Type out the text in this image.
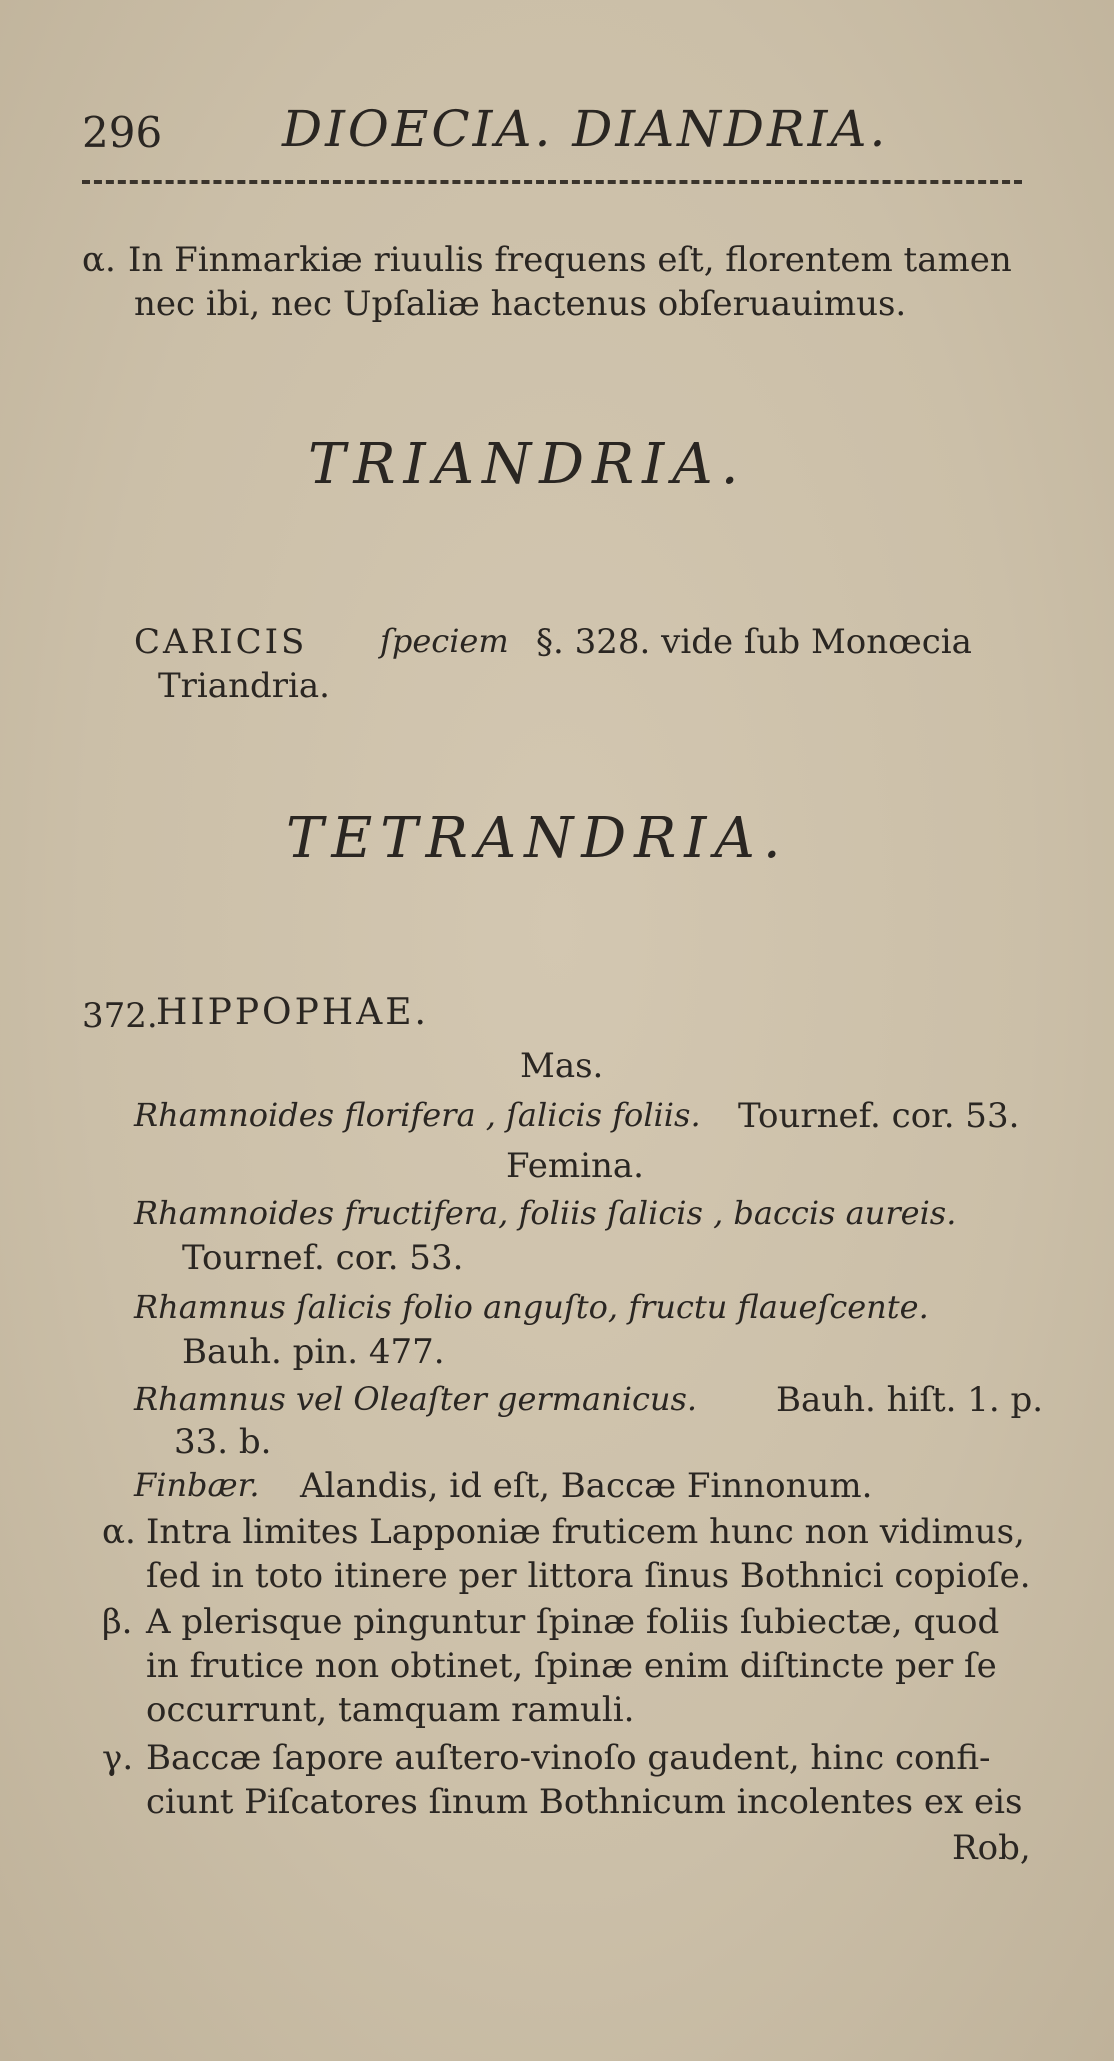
296 DIOECIA. DIANDRIA.
α. In Finmarkiæ riuulis frequens eſt, florentem tamen
nec ibi, nec Upſaliæ hactenus obſeruauimus.
TRIANDRIA.
CARICIS ſpeciem §. 328. vide ſub Monœcia
Triandria.
TETRANDRIA.
372.
HIPPOPHAE.
Mas.
Rhamnoides florifera , ſalicis foliis. Tournef. cor. 53.
Femina.
Rhamnoides fructifera, foliis ſalicis , baccis aureis.
Tournef. cor. 53.
Rhamnus ſalicis folio anguſto, fructu flaueſcente.
Bauh. pin. 477.
Rhamnus vel Oleaſter germanicus. Bauh. hiſt. 1. p.
33. b.
Finbær. Alandis, id eſt, Baccæ Finnonum.
α. Intra limites Lapponiæ fruticem hunc non vidimus,
ſed in toto itinere per littora ſinus Bothnici copioſe.
β. A plerisque pinguntur ſpinæ foliis ſubiectæ, quod
in frutice non obtinet, ſpinæ enim diſtincte per ſe
occurrunt, tamquam ramuli.
γ. Baccæ ſapore auſtero-vinoſo gaudent, hinc confi-
ciunt Piſcatores ſinum Bothnicum incolentes ex eis
Rob,
